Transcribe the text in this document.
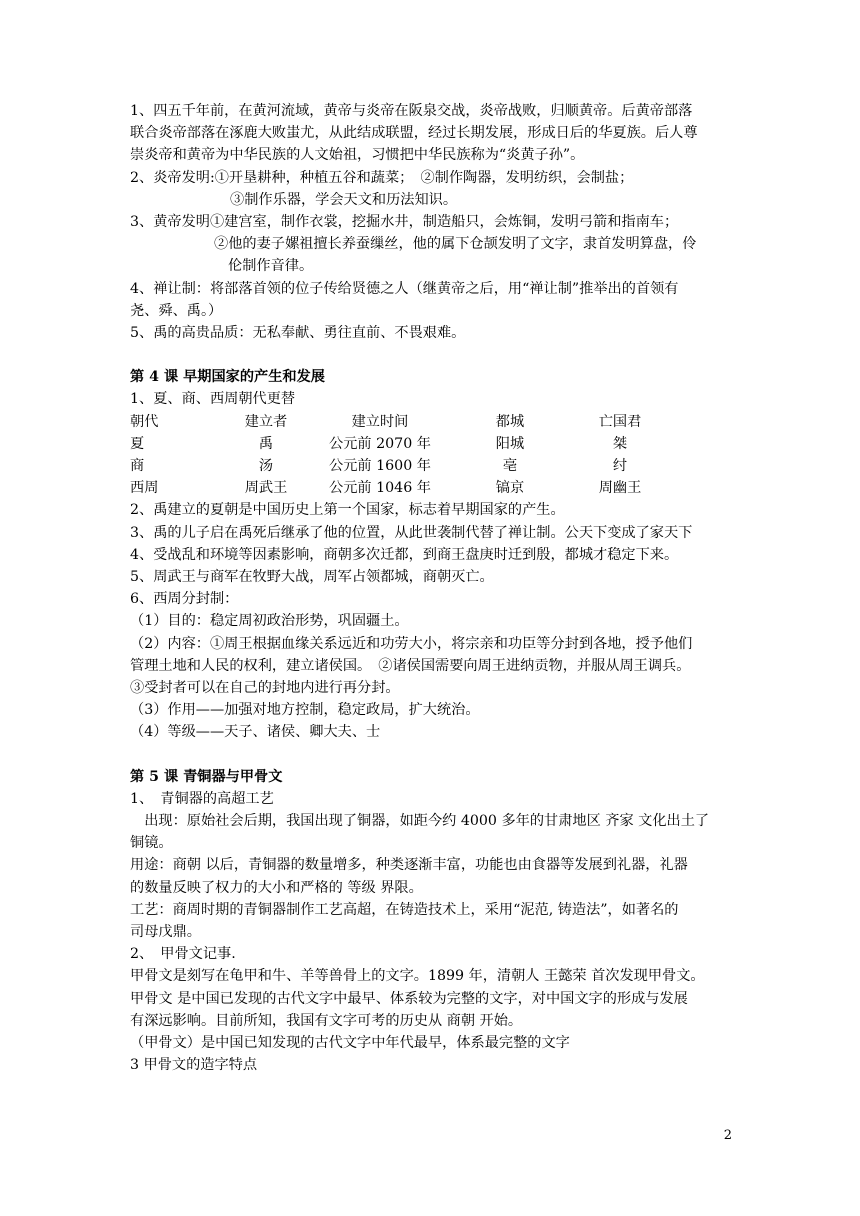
1、四五千年前，在黄河流域，黄帝与炎帝在阪泉交战，炎帝战败，归顺黄帝。后黄帝部落
联合炎帝部落在涿鹿大败蚩尤，从此结成联盟，经过长期发展，形成日后的华夏族。后人尊
崇炎帝和黄帝为中华民族的人文始祖，习惯把中华民族称为“炎黄子孙”。
2、炎帝发明:①开垦耕种，种植五谷和蔬菜；　②制作陶器，发明纺织，会制盐；
③制作乐器，学会天文和历法知识。
3、黄帝发明①建宫室，制作衣裳，挖掘水井，制造船只，会炼铜，发明弓箭和指南车；
②他的妻子嫘祖擅长养蚕缫丝，他的属下仓颉发明了文字，隶首发明算盘，伶
伦制作音律。
4、禅让制：将部落首领的位子传给贤德之人（继黄帝之后，用“禅让制”推举出的首领有
尧、舜、禹。）
5、禹的高贵品质：无私奉献、勇往直前、不畏艰难。
第 4 课 早期国家的产生和发展
1、夏、商、西周朝代更替
朝代	建立者	建立时间	都城	亡国君
夏	禹	公元前 2070 年	阳城	桀
商	汤	公元前 1600 年	亳	纣
西周	周武王	公元前 1046 年	镐京	周幽王
2、禹建立的夏朝是中国历史上第一个国家，标志着早期国家的产生。
3、禹的儿子启在禹死后继承了他的位置，从此世袭制代替了禅让制。公天下变成了家天下
4、受战乱和环境等因素影响，商朝多次迁都，到商王盘庚时迁到殷，都城才稳定下来。
5、周武王与商军在牧野大战，周军占领都城，商朝灭亡。
6、西周分封制：
（1）目的：稳定周初政治形势，巩固疆土。
（2）内容：①周王根据血缘关系远近和功劳大小，将宗亲和功臣等分封到各地，授予他们
管理土地和人民的权利，建立诸侯国。　②诸侯国需要向周王进纳贡物，并服从周王调兵。
③受封者可以在自己的封地内进行再分封。
（3）作用——加强对地方控制，稳定政局，扩大统治。
（4）等级——天子、诸侯、卿大夫、士
第 5 课 青铜器与甲骨文
1、　青铜器的高超工艺
　出现：原始社会后期，我国出现了铜器，如距今约 4000 多年的甘肃地区 齐家 文化出土了
铜镜。
用途：商朝 以后，青铜器的数量增多，种类逐渐丰富，功能也由食器等发展到礼器，礼器
的数量反映了权力的大小和严格的 等级 界限。
工艺：商周时期的青铜器制作工艺高超，在铸造技术上，采用“泥范, 铸造法”，如著名的
司母戊鼎。
2、　甲骨文记事.
甲骨文是刻写在龟甲和牛、羊等兽骨上的文字。1899 年，清朝人 王懿荣 首次发现甲骨文。
甲骨文 是中国已发现的古代文字中最早、体系较为完整的文字，对中国文字的形成与发展
有深远影响。目前所知，我国有文字可考的历史从 商朝 开始。
（甲骨文）是中国已知发现的古代文字中年代最早，体系最完整的文字
3 甲骨文的造字特点
2
